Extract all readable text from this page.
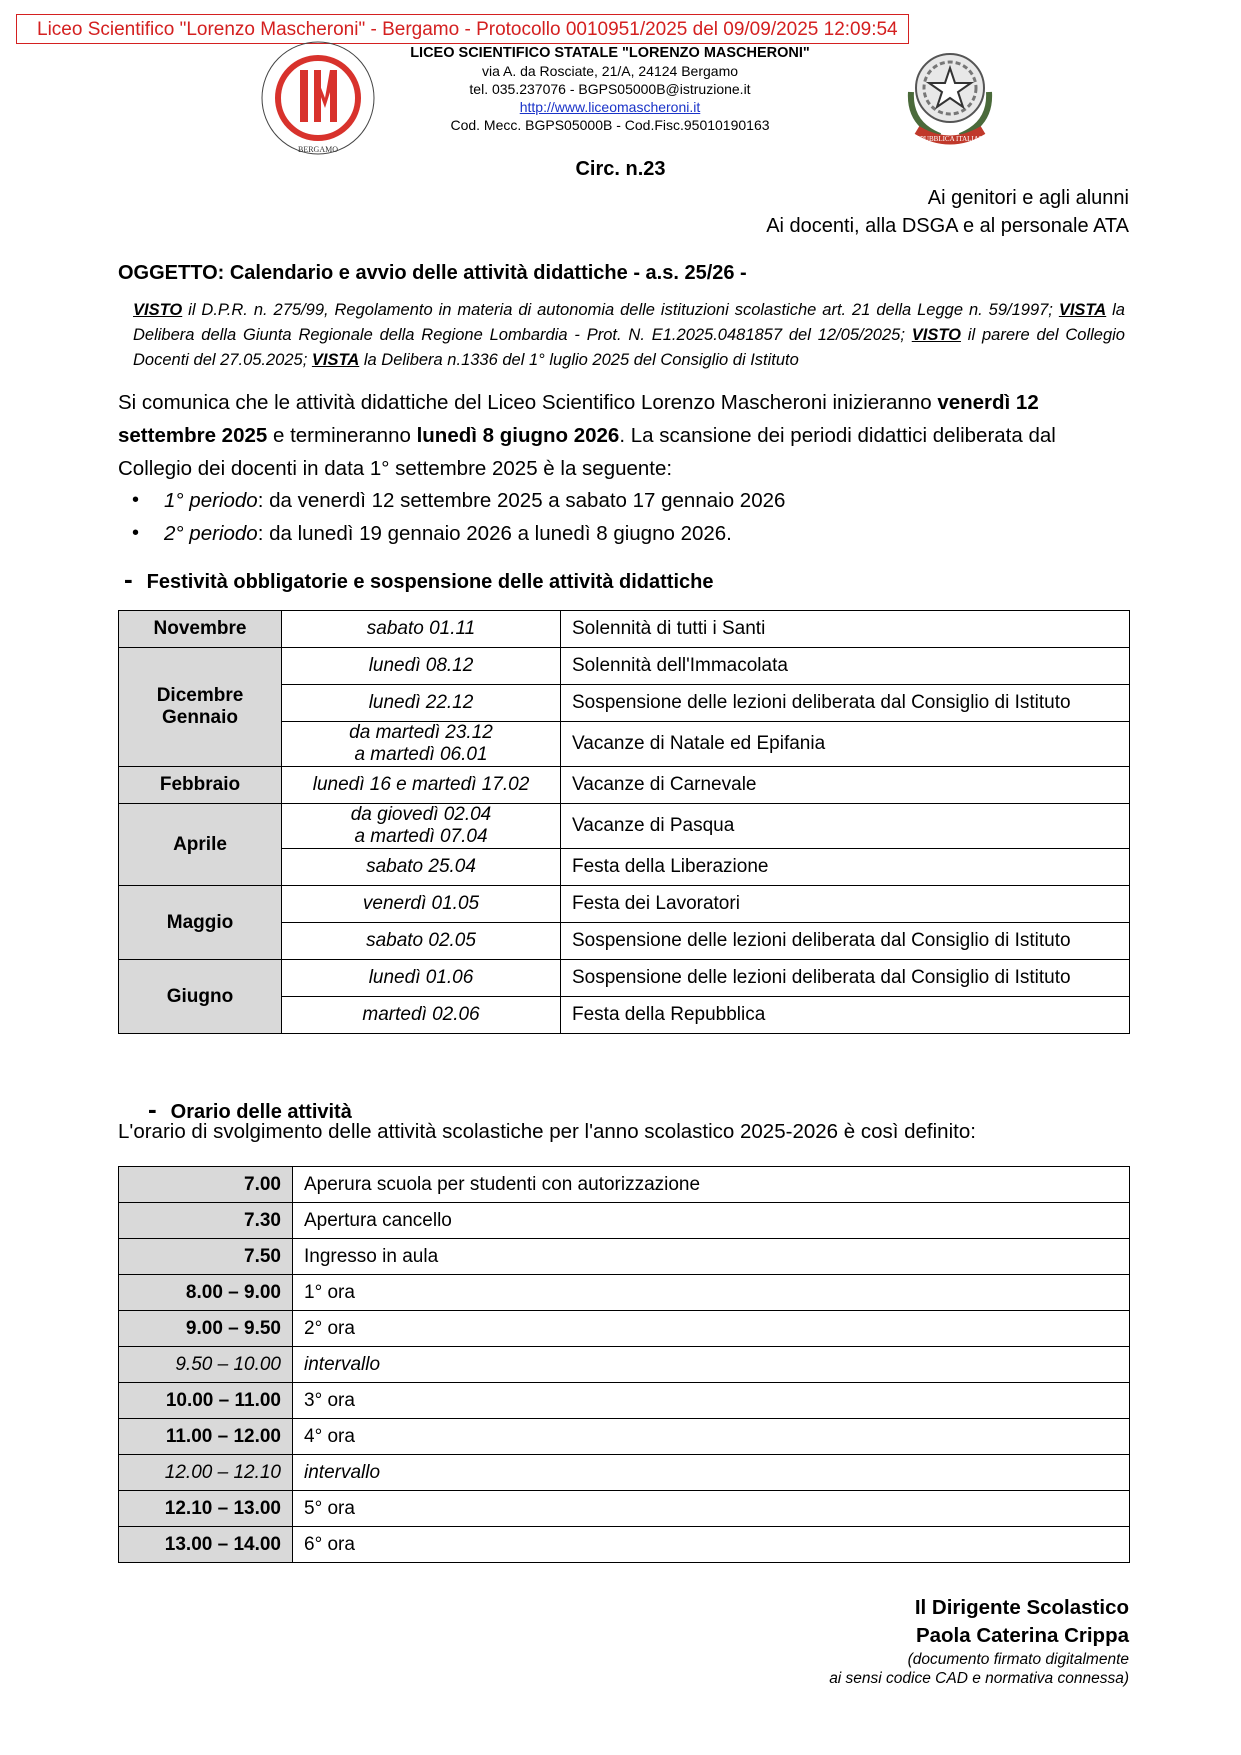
Liceo Scientifico "Lorenzo Mascheroni" - Bergamo - Protocollo 0010951/2025 del 09/09/2025 12:09:54
BERGAMO
LICEO SCIENTIFICO STATALE "LORENZO MASCHERONI"
via A. da Rosciate, 21/A, 24124 Bergamo
tel. 035.237076 - BGPS05000B@istruzione.it
http://www.liceomascheroni.it
Cod. Mecc. BGPS05000B - Cod.Fisc.95010190163
REPUBBLICA ITALIANA
Circ. n.23
Ai genitori e agli alunni
Ai docenti, alla DSGA e al personale ATA
OGGETTO: Calendario e avvio delle attività didattiche - a.s. 25/26 -
VISTO il D.P.R. n. 275/99, Regolamento in materia di autonomia delle istituzioni scolastiche art. 21 della Legge n. 59/1997; VISTA la Delibera della Giunta Regionale della Regione Lombardia - Prot. N. E1.2025.0481857 del 12/05/2025; VISTO il parere del Collegio Docenti del 27.05.2025; VISTA la Delibera n.1336 del 1° luglio 2025 del Consiglio di Istituto
Si comunica che le attività didattiche del Liceo Scientifico Lorenzo Mascheroni inizieranno venerdì 12 settembre 2025 e termineranno lunedì 8 giugno 2026. La scansione dei periodi didattici deliberata dal Collegio dei docenti in data 1° settembre 2025 è la seguente:
• 1° periodo: da venerdì 12 settembre 2025 a sabato 17 gennaio 2026
• 2° periodo: da lunedì 19 gennaio 2026 a lunedì 8 giugno 2026.
- Festività obbligatorie e sospensione delle attività didattiche
Novembre	sabato 01.11	Solennità di tutti i Santi
Dicembre
Gennaio	lunedì 08.12	Solennità dell'Immacolata
	lunedì 22.12	Sospensione delle lezioni deliberata dal Consiglio di Istituto
	da martedì 23.12
a martedì 06.01	Vacanze di Natale ed Epifania
Febbraio	lunedì 16 e martedì 17.02	Vacanze di Carnevale
Aprile	da giovedì 02.04
a martedì 07.04	Vacanze di Pasqua
	sabato 25.04	Festa della Liberazione
Maggio	venerdì 01.05	Festa dei Lavoratori
	sabato 02.05	Sospensione delle lezioni deliberata dal Consiglio di Istituto
Giugno	lunedì 01.06	Sospensione delle lezioni deliberata dal Consiglio di Istituto
	martedì 02.06	Festa della Repubblica
- Orario delle attività
L'orario di svolgimento delle attività scolastiche per l'anno scolastico 2025-2026 è così definito:
7.00	Aperura scuola per studenti con autorizzazione
7.30	Apertura cancello
7.50	Ingresso in aula
8.00 – 9.00	1° ora
9.00 – 9.50	2° ora
9.50 – 10.00	intervallo
10.00 – 11.00	3° ora
11.00 – 12.00	4° ora
12.00 – 12.10	intervallo
12.10 – 13.00	5° ora
13.00 – 14.00	6° ora
Il Dirigente Scolastico
Paola Caterina Crippa
(documento firmato digitalmente
ai sensi codice CAD e normativa connessa)
